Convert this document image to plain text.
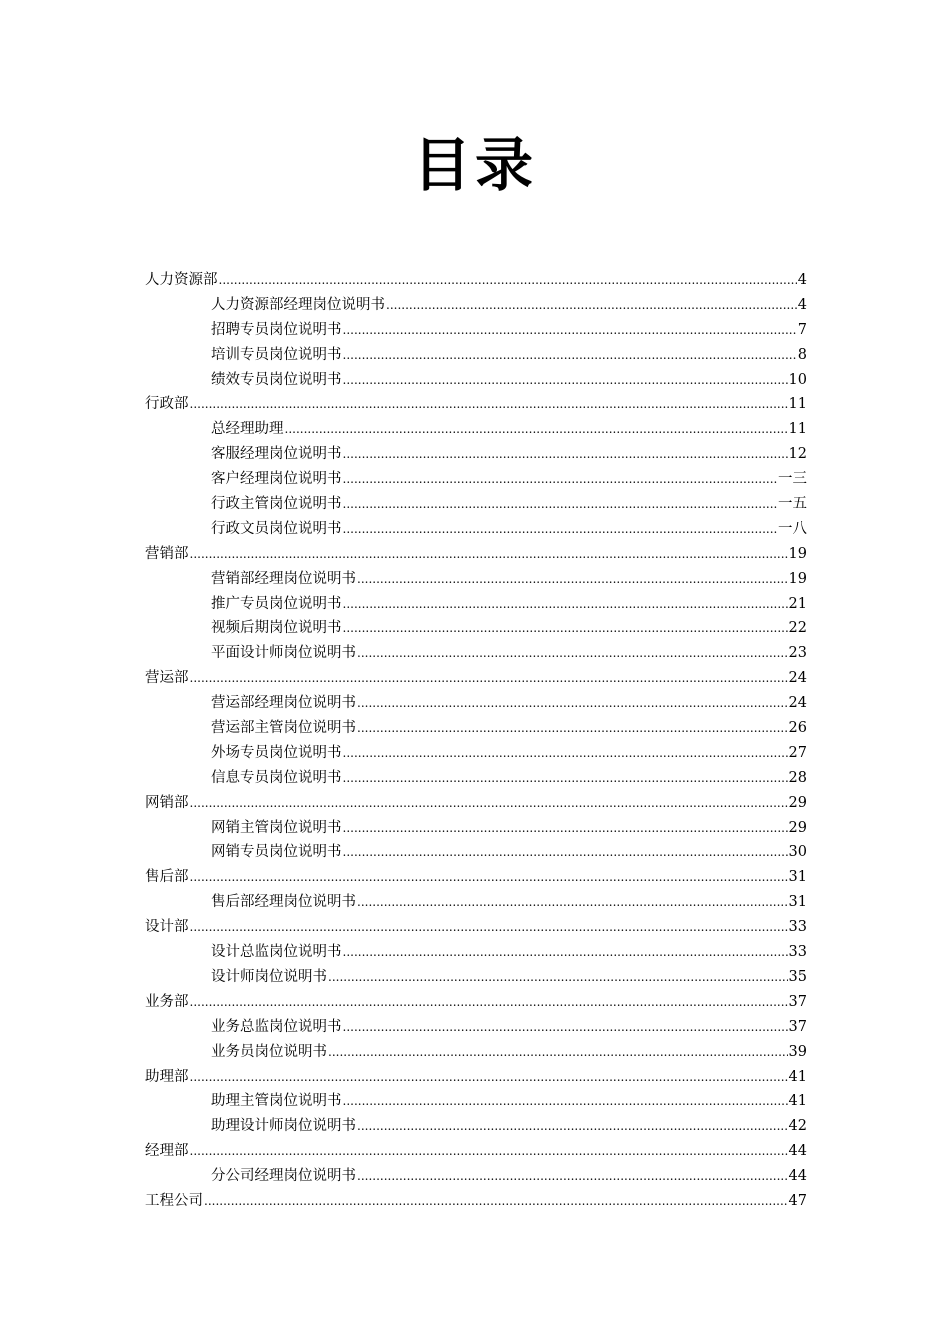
目录
人力资源部 .....	4
人力资源部经理岗位说明书 .....	4
招聘专员岗位说明书 .....	7
培训专员岗位说明书 .....	8
绩效专员岗位说明书 .....	10
行政部 .....	11
总经理助理 .....	11
客服经理岗位说明书 .....	12
客户经理岗位说明书 .....	一三
行政主管岗位说明书 .....	一五
行政文员岗位说明书 .....	一八
营销部 .....	19
营销部经理岗位说明书 .....	19
推广专员岗位说明书 .....	21
视频后期岗位说明书 .....	22
平面设计师岗位说明书 .....	23
营运部 .....	24
营运部经理岗位说明书 .....	24
营运部主管岗位说明书 .....	26
外场专员岗位说明书 .....	27
信息专员岗位说明书 .....	28
网销部 .....	29
网销主管岗位说明书 .....	29
网销专员岗位说明书 .....	30
售后部 .....	31
售后部经理岗位说明书 .....	31
设计部 .....	33
设计总监岗位说明书 .....	33
设计师岗位说明书 .....	35
业务部 .....	37
业务总监岗位说明书 .....	37
业务员岗位说明书 .....	39
助理部 .....	41
助理主管岗位说明书 .....	41
助理设计师岗位说明书 .....	42
经理部 .....	44
分公司经理岗位说明书 .....	44
工程公司 .....	47
